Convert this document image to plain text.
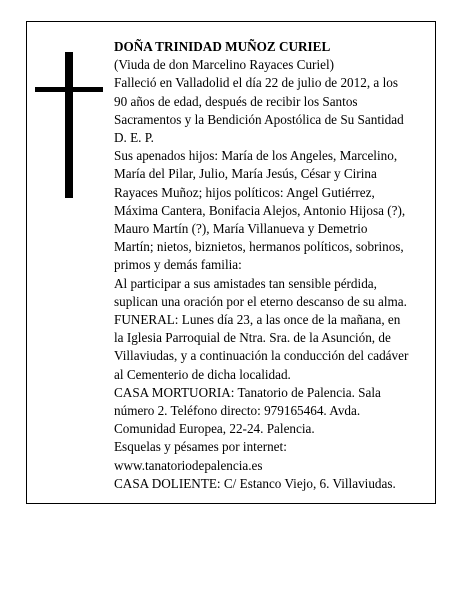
DOÑA TRINIDAD MUÑOZ CURIEL

(Viuda de don Marcelino Rayaces Curiel)

Falleció en Valladolid el día 22 de julio de 2012, a los

90 años de edad, después de recibir los Santos

Sacramentos y la Bendición Apostólica de Su Santidad

D. E. P.

Sus apenados hijos: María de los Angeles, Marcelino,

María del Pilar, Julio, María Jesús, César y Cirina

Rayaces Muñoz; hijos políticos: Angel Gutiérrez,

Máxima Cantera, Bonifacia Alejos, Antonio Hijosa (?),

Mauro Martín (?), María Villanueva y Demetrio

Martín; nietos, biznietos, hermanos políticos, sobrinos,

primos y demás familia:

Al participar a sus amistades tan sensible pérdida,

suplican una oración por el eterno descanso de su alma.

FUNERAL: Lunes día 23, a las once de la mañana, en

la Iglesia Parroquial de Ntra. Sra. de la Asunción, de

Villaviudas, y a continuación la conducción del cadáver

al Cementerio de dicha localidad.

CASA MORTUORIA: Tanatorio de Palencia. Sala

número 2. Teléfono directo: 979165464. Avda.

Comunidad Europea, 22-24. Palencia.

Esquelas y pésames por internet:

www.tanatoriodepalencia.es

CASA DOLIENTE: C/ Estanco Viejo, 6. Villaviudas.
